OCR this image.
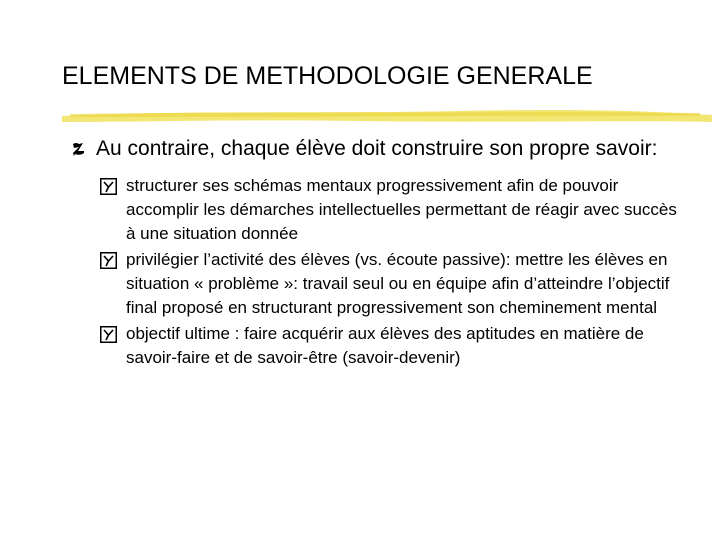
ELEMENTS DE METHODOLOGIE GENERALE
Au contraire, chaque élève doit construire son propre savoir:
structurer ses schémas mentaux progressivement afin de pouvoir accomplir les démarches intellectuelles permettant de réagir avec succès à une situation donnée
privilégier l’activité des élèves (vs. écoute passive): mettre les élèves en situation « problème »: travail seul ou en équipe afin d’atteindre l’objectif final proposé en structurant progressivement son cheminement mental
objectif ultime : faire acquérir aux élèves des aptitudes en matière de savoir-faire et de savoir-être (savoir-devenir)
